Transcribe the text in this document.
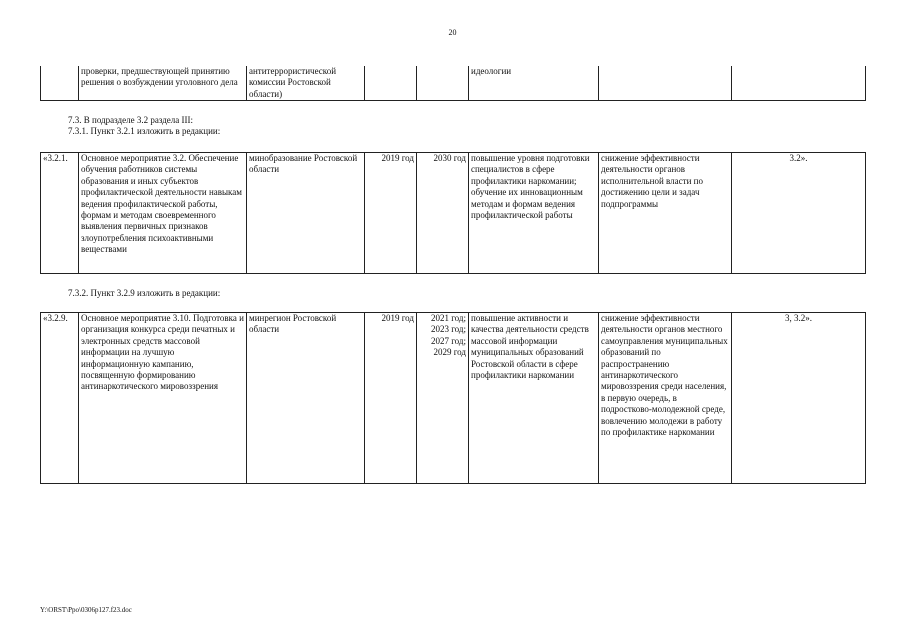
20
	проверки, предшествующей принятию решения о возбуждении уголовного дела	антитеррористической комиссии Ростовской области)			идеологии		
7.3. В подразделе 3.2 раздела III:
7.3.1. Пункт 3.2.1 изложить в редакции:
«3.2.1.	Основное мероприятие 3.2. Обеспечение обучения работников системы образования и иных субъектов профилактической деятельности навыкам ведения профилактической работы, формам и методам своевременного выявления первичных признаков злоупотребления психоактивными веществами	минобразование Ростовской области	2019 год	2030 год	повышение уровня подготовки специалистов в сфере профилактики наркомании; обучение их инновационным методам и формам ведения профилактической работы	снижение эффективности деятельности органов исполнительной власти по достижению цели и задач подпрограммы	3.2».
7.3.2. Пункт 3.2.9 изложить в редакции:
«3.2.9.	Основное мероприятие 3.10. Подготовка и организация конкурса среди печатных и электронных средств массовой информации на лучшую информационную кампанию, посвященную формированию антинаркотического мировоззрения	минрегион Ростовской области	2019 год	2021 год;
2023 год;
2027 год;
2029 год
	повышение активности и качества деятельности средств массовой информации муниципальных образований Ростовской области в сфере профилактики наркомании	снижение эффективности деятельности органов местного самоуправления муниципальных образований по распространению антинаркотического мировоззрения среди населения, в первую очередь, в подростково-молодежной среде, вовлечению молодежи в работу по профилактике наркомании	3, 3.2».
Y:\ORST\Ppo\0306p127.f23.doc
